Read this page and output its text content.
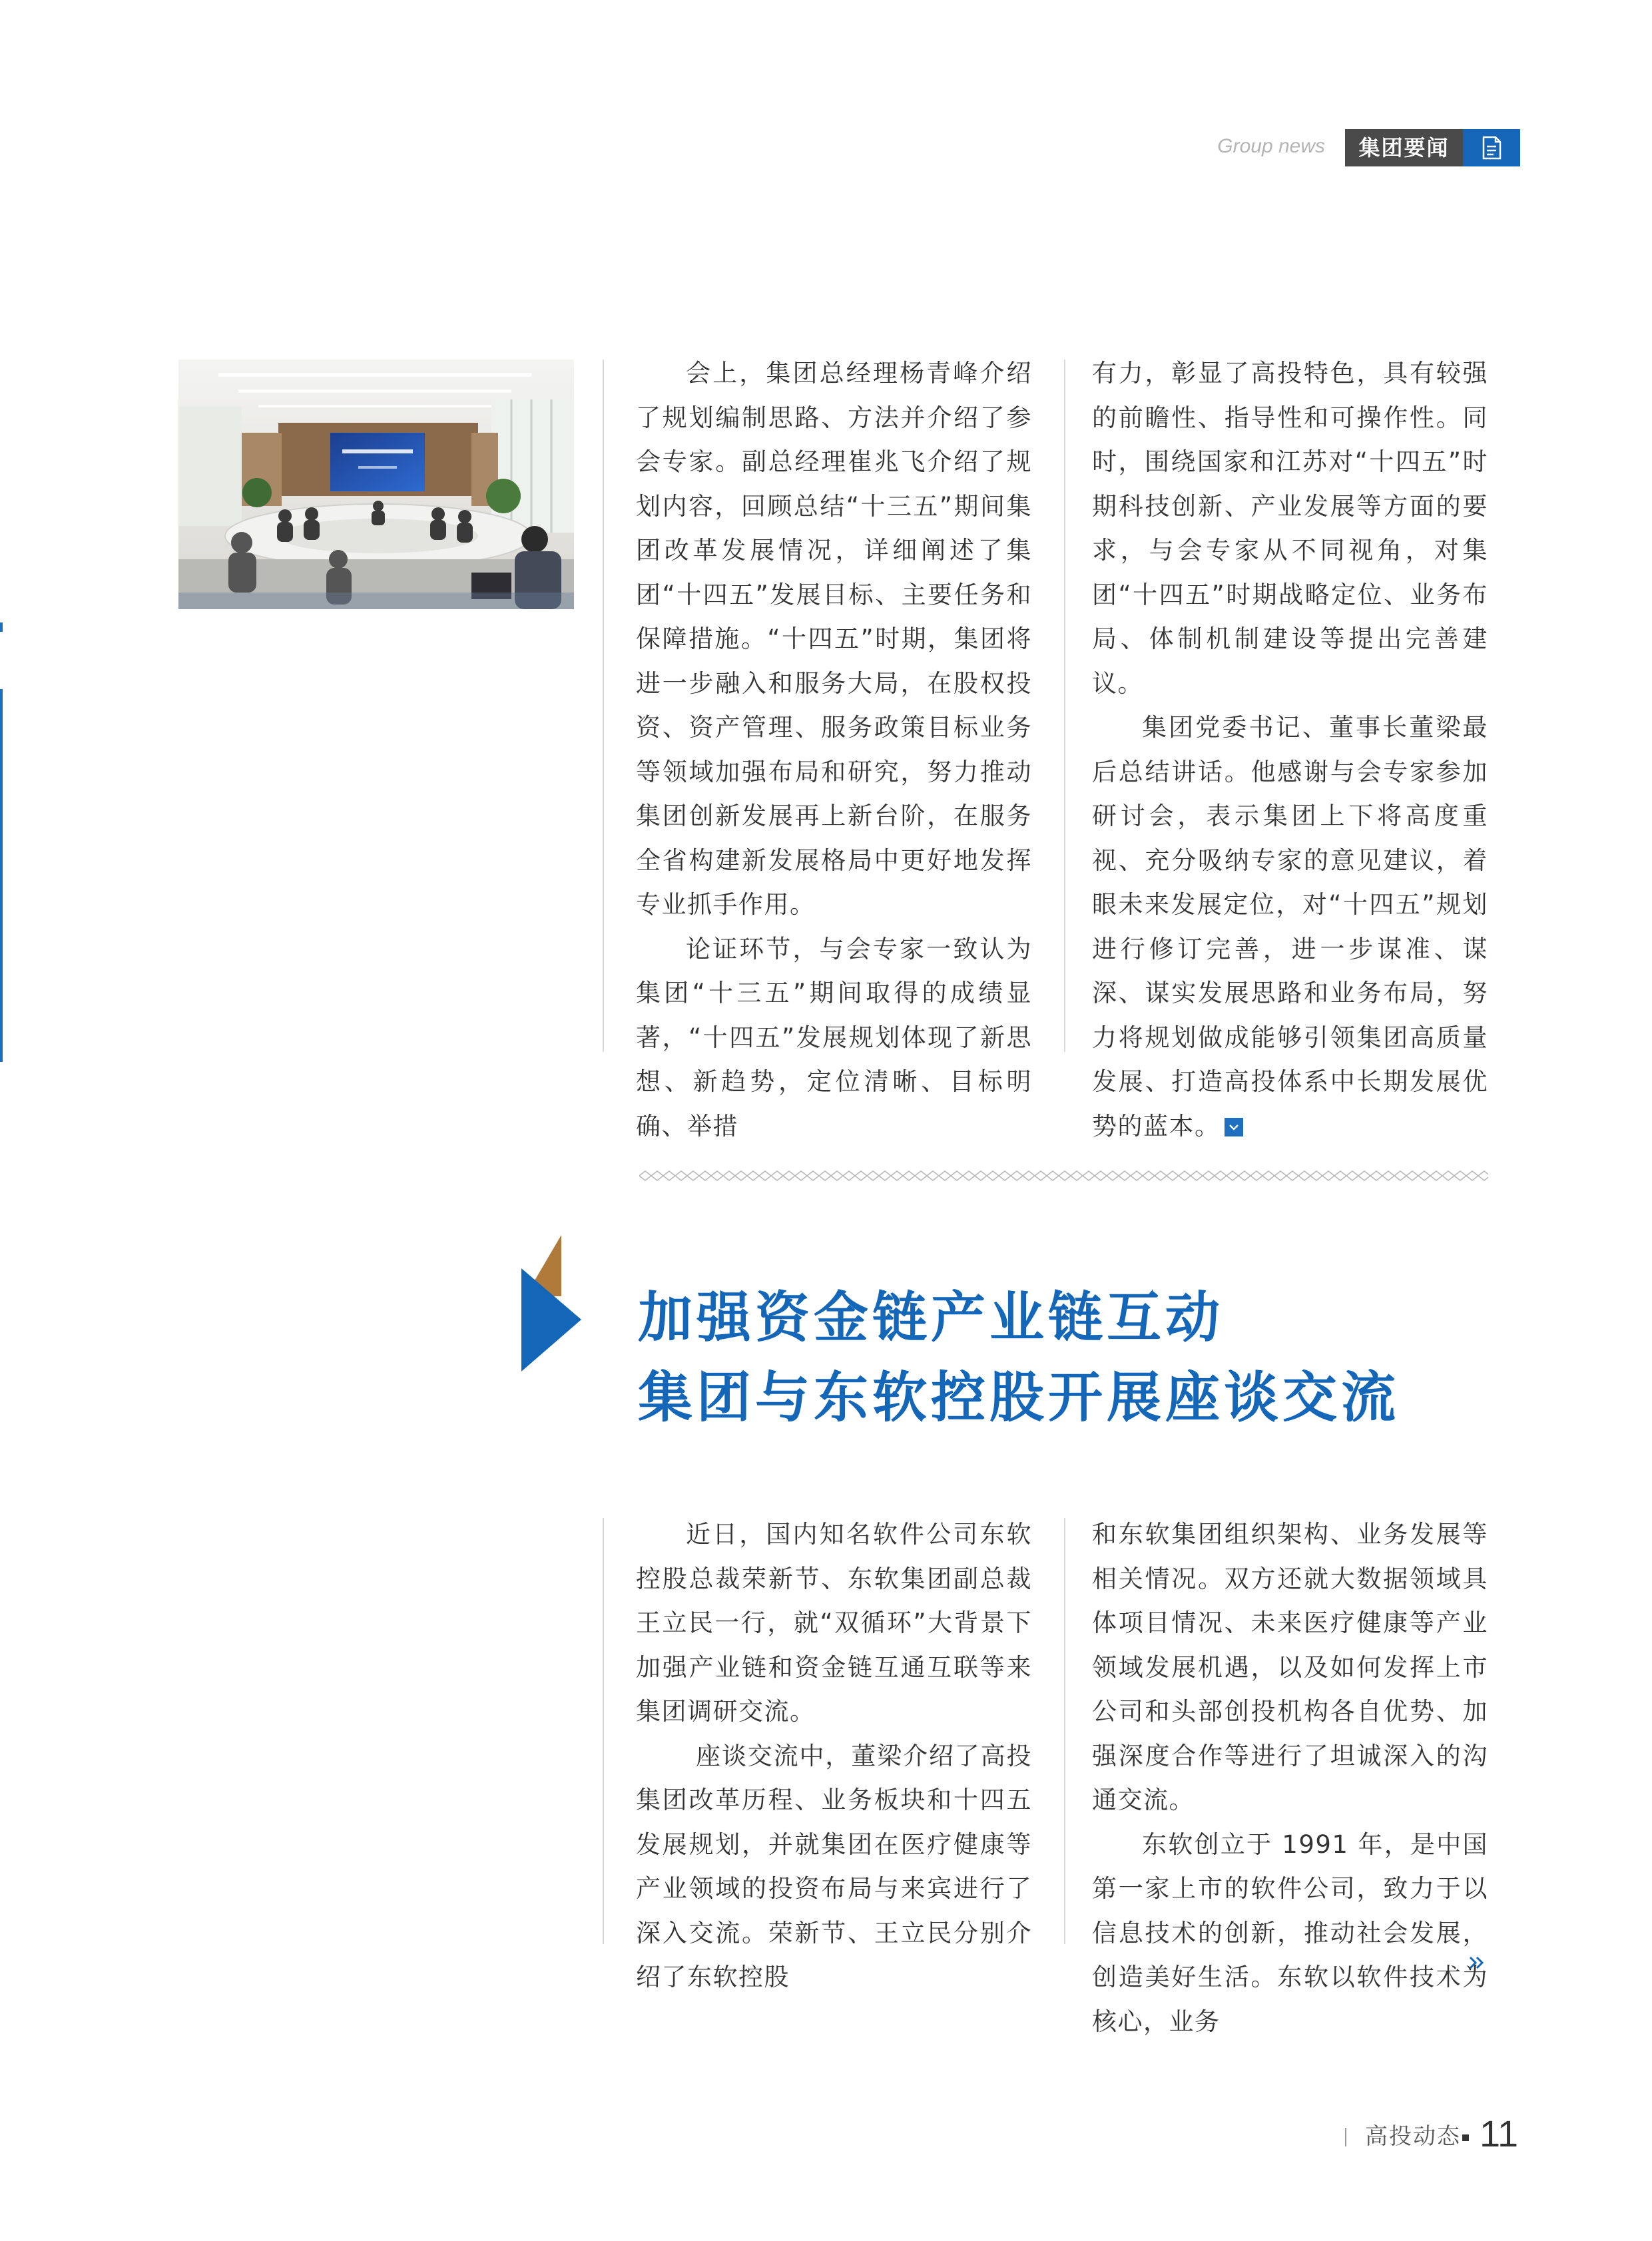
Group news	集团要闻

会上，集团总经理杨青峰介绍了规划编制思路、方法并介绍了参会专家。副总经理崔兆飞介绍了规划内容，回顾总结“十三五”期间集团改革发展情况，详细阐述了集团“十四五”发展目标、主要任务和保障措施。“十四五”时期，集团将进一步融入和服务大局，在股权投资、资产管理、服务政策目标业务等领域加强布局和研究，努力推动集团创新发展再上新台阶，在服务全省构建新发展格局中更好地发挥专业抓手作用。

论证环节，与会专家一致认为集团“十三五”期间取得的成绩显著，“十四五”发展规划体现了新思想、新趋势，定位清晰、目标明确、举措

有力，彰显了高投特色，具有较强的前瞻性、指导性和可操作性。同时，围绕国家和江苏对“十四五”时期科技创新、产业发展等方面的要求，与会专家从不同视角，对集团“十四五”时期战略定位、业务布局、体制机制建设等提出完善建议。

集团党委书记、董事长董梁最后总结讲话。他感谢与会专家参加研讨会，表示集团上下将高度重视、充分吸纳专家的意见建议，着眼未来发展定位，对“十四五”规划进行修订完善，进一步谋准、谋深、谋实发展思路和业务布局，努力将规划做成能够引领集团高质量发展、打造高投体系中长期发展优势的蓝本。

加强资金链产业链互动
集团与东软控股开展座谈交流

近日，国内知名软件公司东软控股总裁荣新节、东软集团副总裁王立民一行，就“双循环”大背景下加强产业链和资金链互通互联等来集团调研交流。

座谈交流中，董梁介绍了高投集团改革历程、业务板块和十四五发展规划，并就集团在医疗健康等产业领域的投资布局与来宾进行了深入交流。荣新节、王立民分别介绍了东软控股

和东软集团组织架构、业务发展等相关情况。双方还就大数据领域具体项目情况、未来医疗健康等产业领域发展机遇，以及如何发挥上市公司和头部创投机构各自优势、加强深度合作等进行了坦诚深入的沟通交流。

东软创立于 1991 年，是中国第一家上市的软件公司，致力于以信息技术的创新，推动社会发展，创造美好生活。东软以软件技术为核心，业务

高投动态 11
